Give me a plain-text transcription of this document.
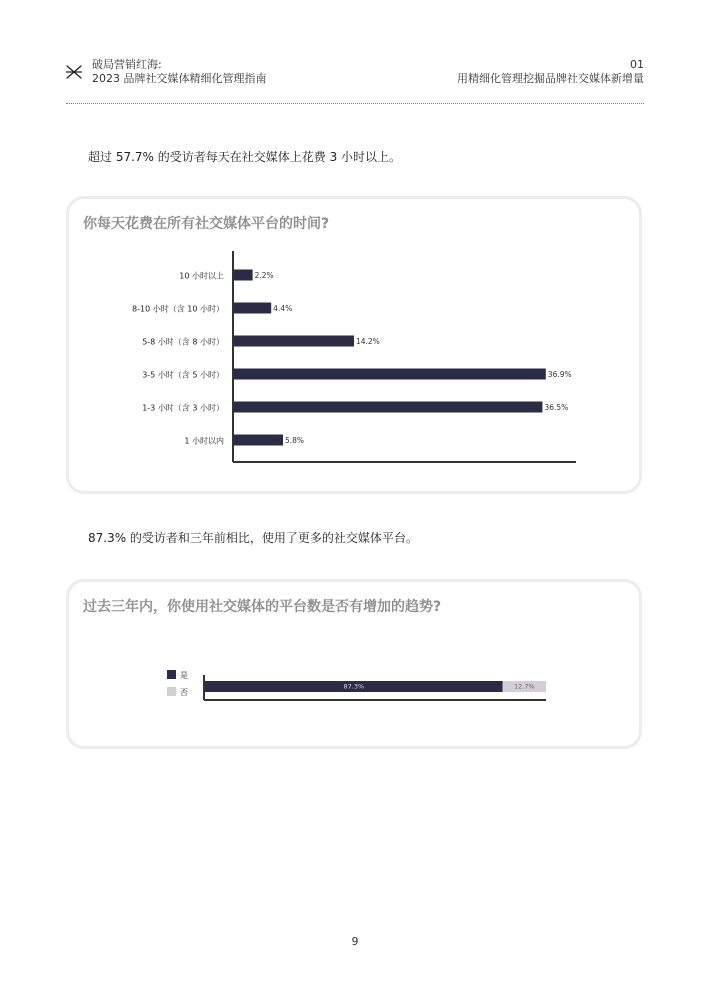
破局营销红海:
2023 品牌社交媒体精细化管理指南
01
用精细化管理挖掘品牌社交媒体新增量
超过 57.7% 的受访者每天在社交媒体上花费 3 小时以上。
你每天花费在所有社交媒体平台的时间?
10 小时以上	2.2%
8-10 小时（含 10 小时）	4.4%
5-8 小时（含 8 小时）	14.2%
3-5 小时（含 5 小时）	36.9%
1-3 小时（含 3 小时）	36.5%
1 小时以内	5.8%
87.3% 的受访者和三年前相比，使用了更多的社交媒体平台。
过去三年内，你使用社交媒体的平台数是否有增加的趋势?
87.3%
是
12.7%
否
9
